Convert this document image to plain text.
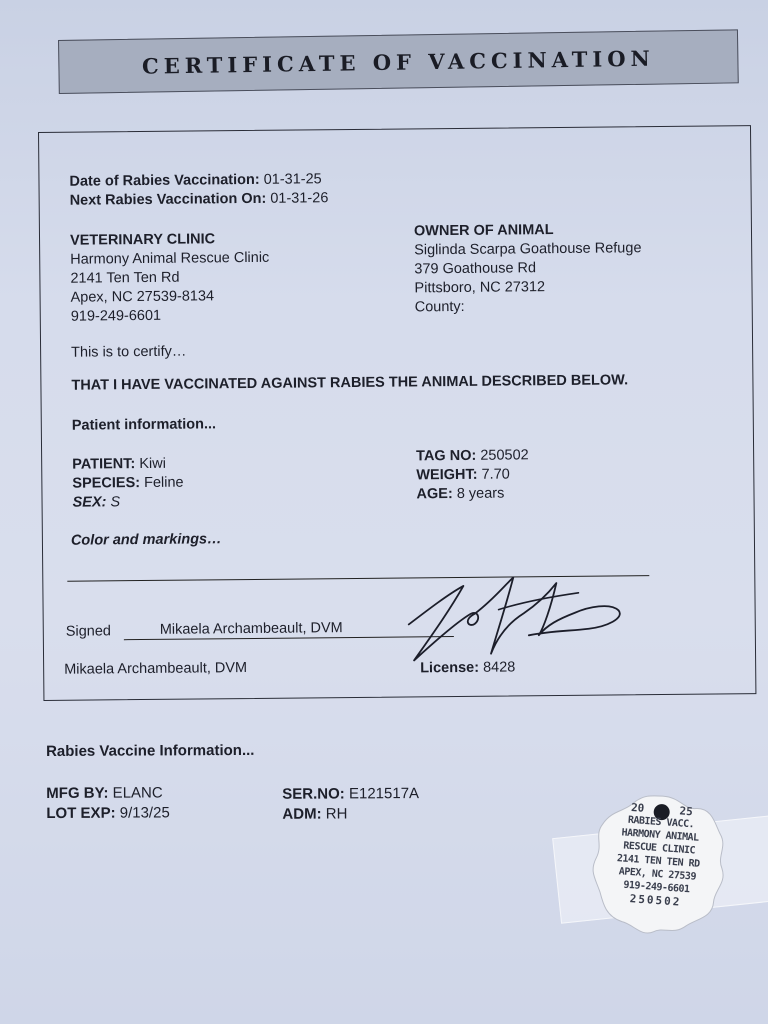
CERTIFICATE OF VACCINATION
Date of Rabies Vaccination: 01-31-25
Next Rabies Vaccination On: 01-31-26
VETERINARY CLINIC
Harmony Animal Rescue Clinic
2141 Ten Ten Rd
Apex, NC 27539-8134
919-249-6601
OWNER OF ANIMAL
Siglinda Scarpa Goathouse Refuge
379 Goathouse Rd
Pittsboro, NC 27312
County:
This is to certify…
THAT I HAVE VACCINATED AGAINST RABIES THE ANIMAL DESCRIBED BELOW.
Patient information...
PATIENT: Kiwi
SPECIES: Feline
SEX: S
TAG NO: 250502
WEIGHT: 7.70
AGE: 8 years
Color and markings…
Signed	Mikaela Archambeault, DVM
Mikaela Archambeault, DVM	License: 8428
Rabies Vaccine Information...
MFG BY: ELANC
LOT EXP: 9/13/25
SER.NO: E121517A
ADM: RH	20	25
RABIES VACC.
HARMONY ANIMAL
RESCUE CLINIC
2141 TEN TEN RD
APEX, NC 27539
919-249-6601
250502
